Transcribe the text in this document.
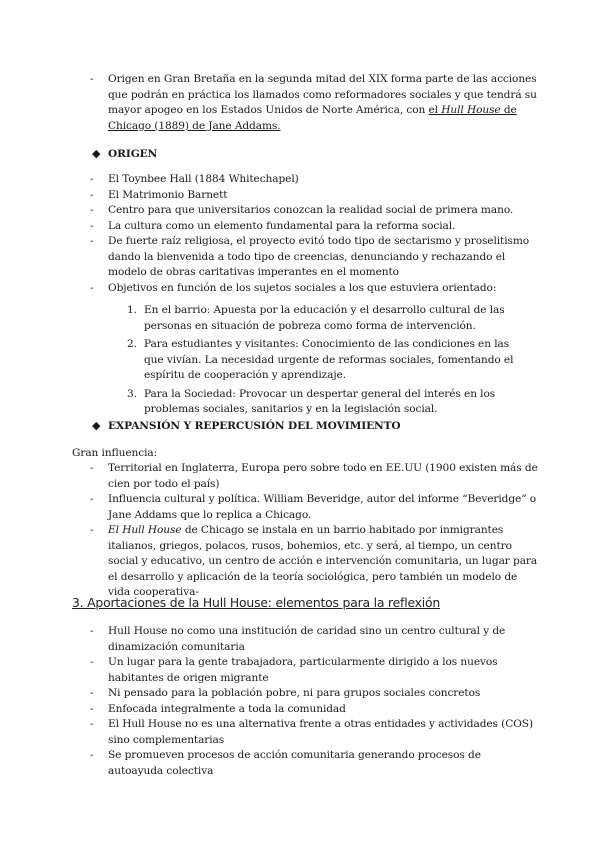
- Origen en Gran Bretaña en la segunda mitad del XIX forma parte de las acciones que podrán en práctica los llamados como reformadores sociales y que tendrá su mayor apogeo en los Estados Unidos de Norte América, con el Hull House de Chicago (1889) de Jane Addams.
◆ ORIGEN
- El Toynbee Hall (1884 Whitechapel)
- El Matrimonio Barnett
- Centro para que universitarios conozcan la realidad social de primera mano.
- La cultura como un elemento fundamental para la reforma social.
- De fuerte raíz religiosa, el proyecto evitó todo tipo de sectarismo y proselitismo dando la bienvenida a todo tipo de creencias, denunciando y rechazando el modelo de obras caritativas imperantes en el momento
- Objetivos en función de los sujetos sociales a los que estuviera orientado:
1. En el barrio: Apuesta por la educación y el desarrollo cultural de las personas en situación de pobreza como forma de intervención.
2. Para estudiantes y visitantes: Conocimiento de las condiciones en las que vivían. La necesidad urgente de reformas sociales, fomentando el espíritu de cooperación y aprendizaje.
3. Para la Sociedad: Provocar un despertar general del interés en los problemas sociales, sanitarios y en la legislación social.
◆ EXPANSIÓN Y REPERCUSIÓN DEL MOVIMIENTO
Gran influencia:
- Territorial en Inglaterra, Europa pero sobre todo en EE.UU (1900 existen más de cien por todo el país)
- Influencia cultural y política. William Beveridge, autor del informe “Beveridge” o Jane Addams que lo replica a Chicago.
- El Hull House de Chicago se instala en un barrio habitado por inmigrantes italianos, griegos, polacos, rusos, bohemios, etc. y será, al tiempo, un centro social y educativo, un centro de acción e intervención comunitaria, un lugar para el desarrollo y aplicación de la teoría sociológica, pero también un modelo de vida cooperativa-
3. Aportaciones de la Hull House: elementos para la reflexión
- Hull House no como una institución de caridad sino un centro cultural y de dinamización comunitaria
- Un lugar para la gente trabajadora, particularmente dirigido a los nuevos habitantes de origen migrante
- Ni pensado para la población pobre, ni para grupos sociales concretos
- Enfocada integralmente a toda la comunidad
- El Hull House no es una alternativa frente a otras entidades y actividades (COS) sino complementarias
- Se promueven procesos de acción comunitaria generando procesos de autoayuda colectiva
